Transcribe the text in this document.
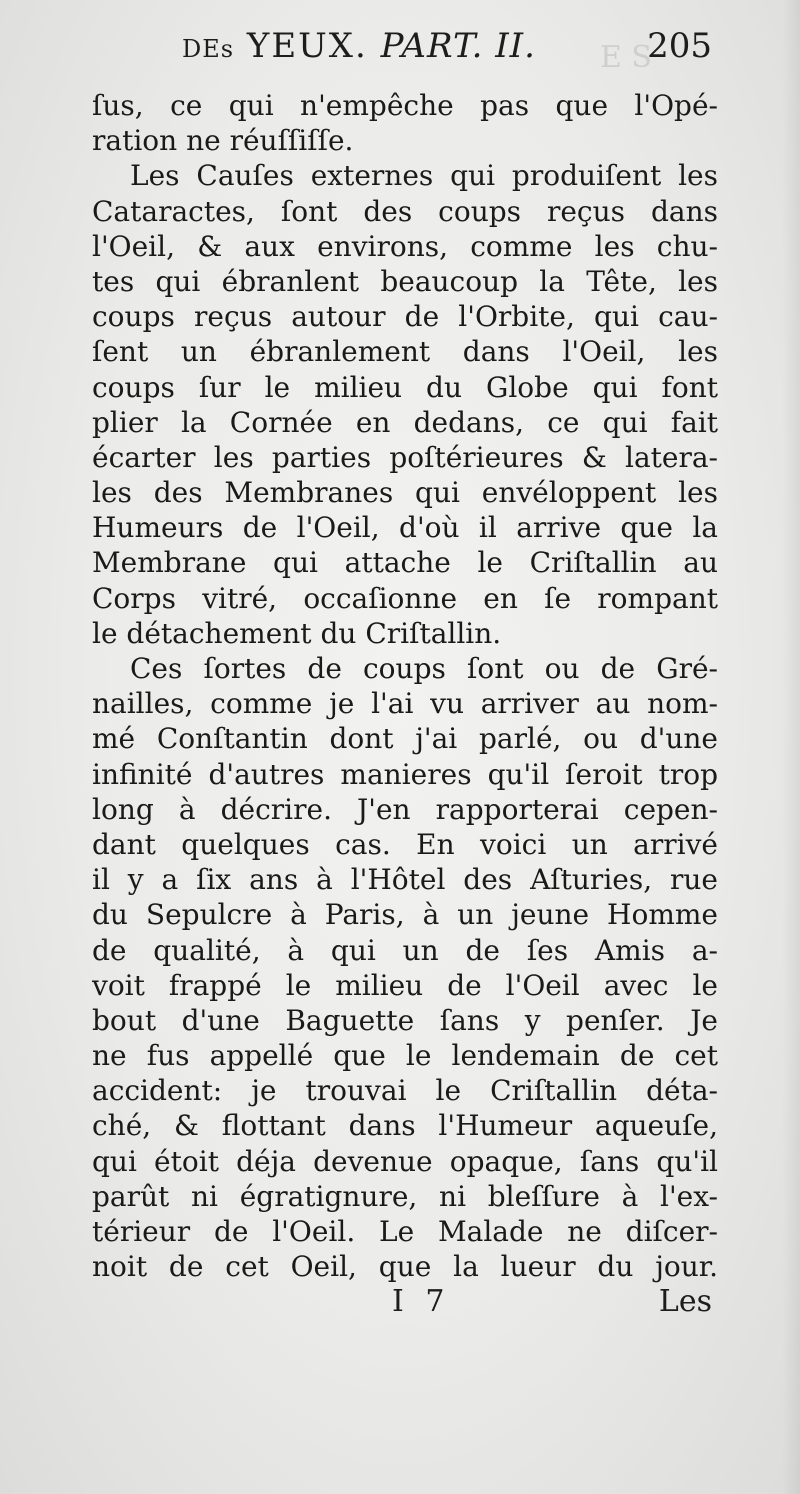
E S
DEs YEUX. PART. II.	205
ſus, ce qui n'empêche pas que l'Opé-
ration ne réuſſiſſe.
Les Cauſes externes qui produiſent les
Cataractes, ſont des coups reçus dans
l'Oeil, & aux environs, comme les chu-
tes qui ébranlent beaucoup la Tête, les
coups reçus autour de l'Orbite, qui cau-
ſent un ébranlement dans l'Oeil, les
coups ſur le milieu du Globe qui font
plier la Cornée en dedans, ce qui fait
écarter les parties poſtérieures & latera-
les des Membranes qui envéloppent les
Humeurs de l'Oeil, d'où il arrive que la
Membrane qui attache le Criſtallin au
Corps vitré, occaſionne en ſe rompant
le détachement du Criſtallin.
Ces ſortes de coups ſont ou de Gré-
nailles, comme je l'ai vu arriver au nom-
mé Conſtantin dont j'ai parlé, ou d'une
infinité d'autres manieres qu'il ſeroit trop
long à décrire. J'en rapporterai cepen-
dant quelques cas. En voici un arrivé
il y a ſix ans à l'Hôtel des Aſturies, rue
du Sepulcre à Paris, à un jeune Homme
de qualité, à qui un de ſes Amis a-
voit frappé le milieu de l'Oeil avec le
bout d'une Baguette ſans y penſer. Je
ne fus appellé que le lendemain de cet
accident: je trouvai le Criſtallin déta-
ché, & flottant dans l'Humeur aqueuſe,
qui étoit déja devenue opaque, ſans qu'il
parût ni égratignure, ni bleſſure à l'ex-
térieur de l'Oeil. Le Malade ne diſcer-
noit de cet Oeil, que la lueur du jour.
I 7	Les
